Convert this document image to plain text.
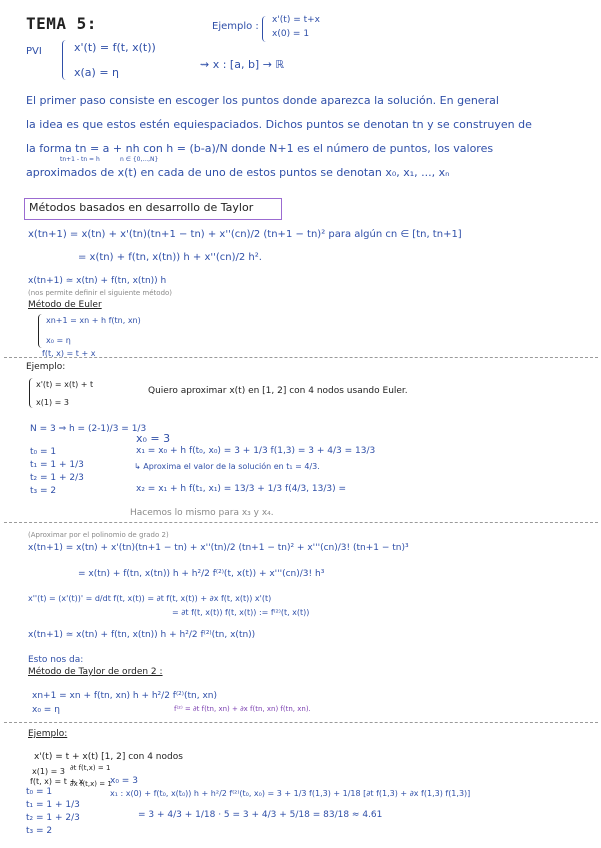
TEMA 5:	Ejemplo :
x'(t) = t+x
x(0) = 1
PVI	x'(t) = f(t, x(t))
x(a) = η
⇝ x : [a, b] → ℝ
El primer paso consiste en escoger los puntos donde aparezca la solución. En general
la idea es que estos estén equiespaciados. Dichos puntos se denotan tn y se construyen de
la forma tn = a + nh con h = (b-a)/N donde N+1 es el número de puntos, los valores
tn+1 - tn = h	n ∈ {0,...,N}
aproximados de x(t) en cada de uno de estos puntos se denotan x₀, x₁, ..., xₙ
Métodos basados en desarrollo de Taylor
x(tn+1) = x(tn) + x'(tn)(tn+1 − tn) + x''(cn)/2 (tn+1 − tn)² para algún cn ∈ [tn, tn+1]
= x(tn) + f(tn, x(tn)) h + x''(cn)/2 h².
x(tn+1) ≃ x(tn) + f(tn, x(tn)) h
(nos permite definir el siguiente método)
Método de Euler
xn+1 = xn + h f(tn, xn)
x₀ = η
f(t, x) = t + x
Ejemplo:
x'(t) = x(t) + t
x(1) = 3
Quiero aproximar x(t) en [1, 2] con 4 nodos usando Euler.
N = 3 ⇒ h = (2-1)/3 = 1/3
t₀ = 1
t₁ = 1 + 1/3
t₂ = 1 + 2/3
t₃ = 2
x₀ = 3
x₁ = x₀ + h f(t₀, x₀) = 3 + 1/3 f(1,3) = 3 + 4/3 = 13/3
↳ Aproxima el valor de la solución en t₁ = 4/3.
x₂ = x₁ + h f(t₁, x₁) = 13/3 + 1/3 f(4/3, 13/3) =
Hacemos lo mismo para x₃ y x₄.
(Aproximar por el polinomio de grado 2)
x(tn+1) = x(tn) + x'(tn)(tn+1 − tn) + x''(tn)/2 (tn+1 − tn)² + x'''(cn)/3! (tn+1 − tn)³
= x(tn) + f(tn, x(tn)) h + h²/2 f⁽²⁾(t, x(t)) + x'''(cn)/3! h³
x''(t) = (x'(t))' = d/dt f(t, x(t)) = ∂t f(t, x(t)) + ∂x f(t, x(t)) x'(t)
= ∂t f(t, x(t)) f(t, x(t)) := f⁽²⁾(t, x(t))
x(tn+1) ≃ x(tn) + f(tn, x(tn)) h + h²/2 f⁽²⁾(tn, x(tn))
Esto nos da:
Método de Taylor de orden 2 :
xn+1 = xn + f(tn, xn) h + h²/2 f⁽²⁾(tn, xn)
x₀ = η	f⁽²⁾ = ∂t f(tn, xn) + ∂x f(tn, xn) f(tn, xn).
Ejemplo:
x'(t) = t + x(t) [1, 2] con 4 nodos
x(1) = 3 ∂t f(t,x) = 1
f(t, x) = t + x
∂x f(t,x) = 1
x₀ = 3
t₀ = 1
t₁ = 1 + 1/3
t₂ = 1 + 2/3
t₃ = 2
x₁ : x(0) + f(t₀, x(t₀)) h + h²/2 f⁽²⁾(t₀, x₀) = 3 + 1/3 f(1,3) + 1/18 [∂t f(1,3) + ∂x f(1,3) f(1,3)]
= 3 + 4/3 + 1/18 · 5 = 3 + 4/3 + 5/18 = 83/18 ≈ 4.61
